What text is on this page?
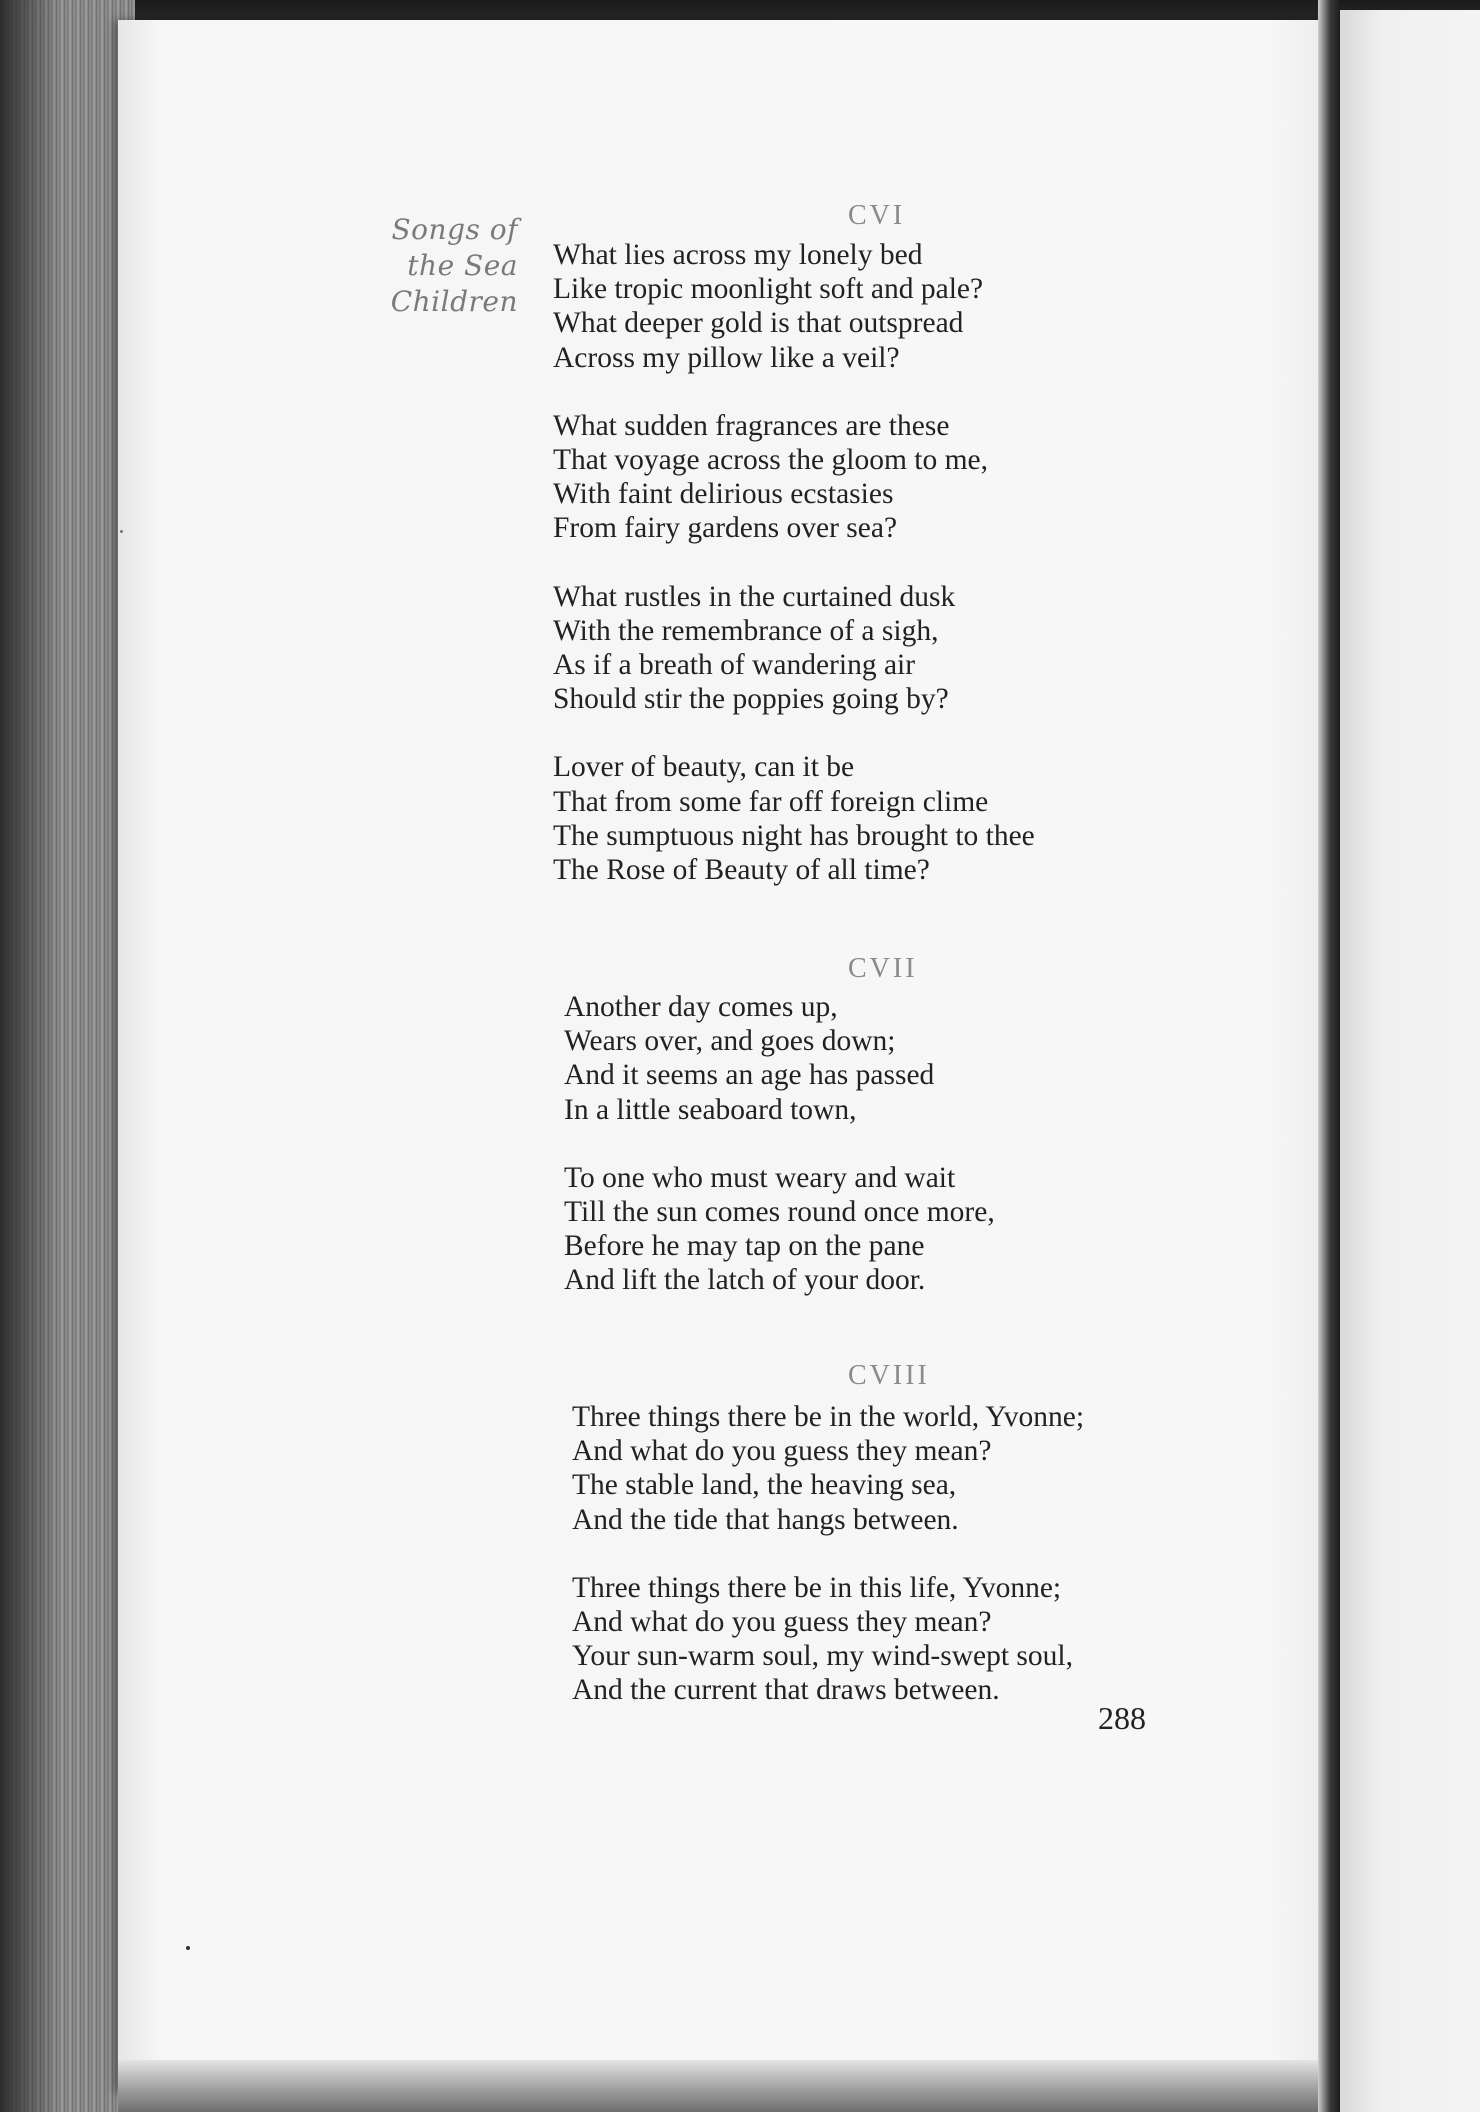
Songs of
the Sea
Children
CVI
What lies across my lonely bed
Like tropic moonlight soft and pale?
What deeper gold is that outspread
Across my pillow like a veil?
What sudden fragrances are these
That voyage across the gloom to me,
With faint delirious ecstasies
From fairy gardens over sea?
What rustles in the curtained dusk
With the remembrance of a sigh,
As if a breath of wandering air
Should stir the poppies going by?
Lover of beauty, can it be
That from some far off foreign clime
The sumptuous night has brought to thee
The Rose of Beauty of all time?
CVII
Another day comes up,
Wears over, and goes down;
And it seems an age has passed
In a little seaboard town,
To one who must weary and wait
Till the sun comes round once more,
Before he may tap on the pane
And lift the latch of your door.
CVIII
Three things there be in the world, Yvonne;
And what do you guess they mean?
The stable land, the heaving sea,
And the tide that hangs between.
Three things there be in this life, Yvonne;
And what do you guess they mean?
Your sun-warm soul, my wind-swept soul,
And the current that draws between.
288
